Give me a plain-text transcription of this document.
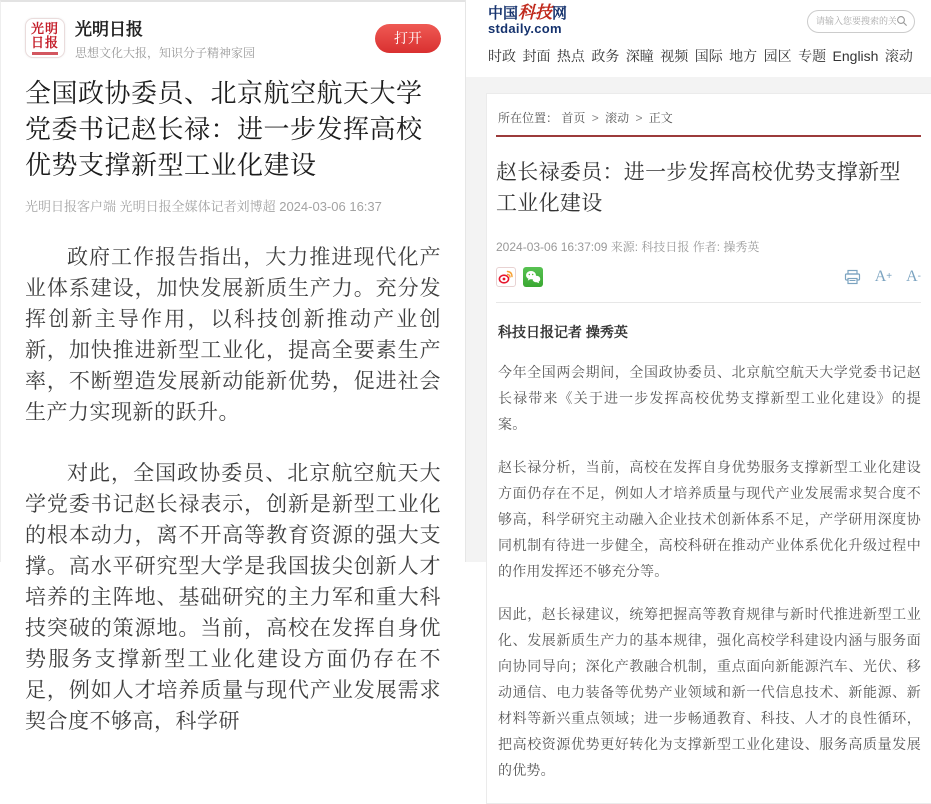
光明日报
光明日报
思想文化大报，知识分子精神家园
打开
全国政协委员、北京航空航天大学党委书记赵长禄：进一步发挥高校优势支撑新型工业化建设
光明日报客户端 光明日报全媒体记者刘博超 2024-03-06 16:37

政府工作报告指出，大力推进现代化产业体系建设，加快发展新质生产力。充分发挥创新主导作用，以科技创新推动产业创新，加快推进新型工业化，提高全要素生产率，不断塑造发展新动能新优势，促进社会生产力实现新的跃升。

对此，全国政协委员、北京航空航天大学党委书记赵长禄表示，创新是新型工业化的根本动力，离不开高等教育资源的强大支撑。高水平研究型大学是我国拔尖创新人才培养的主阵地、基础研究的主力军和重大科技突破的策源地。当前，高校在发挥自身优势服务支撑新型工业化建设方面仍存在不足，例如人才培养质量与现代产业发展需求契合度不够高，科学研

中国科技网
stdaily.com
请输入您要搜索的关键字
时政 封面 热点 政务 深瞳 视频 国际 地方 园区 专题 English 滚动
所在位置： 首页 > 滚动 > 正文
赵长禄委员：进一步发挥高校优势支撑新型工业化建设
2024-03-06 16:37:09 来源: 科技日报 作者: 操秀英
A + A -
科技日报记者 操秀英

今年全国两会期间，全国政协委员、北京航空航天大学党委书记赵长禄带来《关于进一步发挥高校优势支撑新型工业化建设》的提案。

赵长禄分析，当前，高校在发挥自身优势服务支撑新型工业化建设方面仍存在不足，例如人才培养质量与现代产业发展需求契合度不够高，科学研究主动融入企业技术创新体系不足，产学研用深度协同机制有待进一步健全，高校科研在推动产业体系优化升级过程中的作用发挥还不够充分等。

因此，赵长禄建议，统筹把握高等教育规律与新时代推进新型工业化、发展新质生产力的基本规律，强化高校学科建设内涵与服务面向协同导向；深化产教融合机制，重点面向新能源汽车、光伏、移动通信、电力装备等优势产业领域和新一代信息技术、新能源、新材料等新兴重点领域；进一步畅通教育、科技、人才的良性循环，把高校资源优势更好转化为支撑新型工业化建设、服务高质量发展的优势。
